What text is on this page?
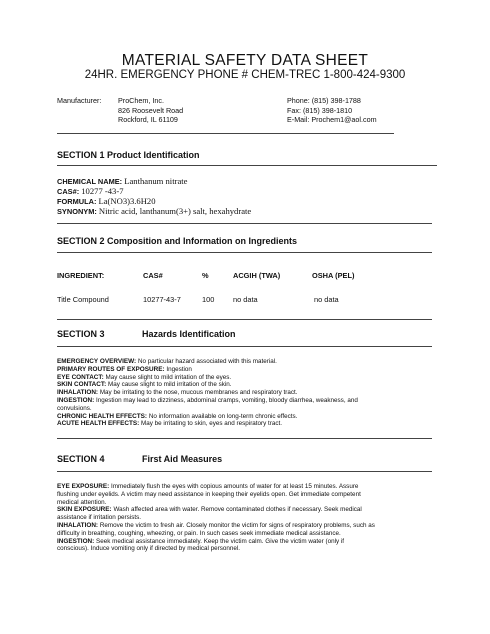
MATERIAL SAFETY DATA SHEET
24HR. EMERGENCY PHONE # CHEM-TREC 1-800-424-9300
Manufacturer: ProChem, Inc.
826 Roosevelt Road
Rockford, IL 61109
Phone: (815) 398-1788
Fax: (815) 398-1810
E-Mail: Prochem1@aol.com
SECTION 1 Product Identification
CHEMICAL NAME: Lanthanum nitrate
CAS#: 10277 -43-7
FORMULA: La(NO3)3.6H20
SYNONYM: Nitric acid, lanthanum(3+) salt, hexahydrate
SECTION 2 Composition and Information on Ingredients
INGREDIENT:	CAS#	%	ACGIH (TWA)	OSHA (PEL)
Title Compound	10277-43-7	100	no data	no data
SECTION 3	Hazards Identification
EMERGENCY OVERVIEW: No particular hazard associated with this material.
PRIMARY ROUTES OF EXPOSURE: Ingestion
EYE CONTACT: May cause slight to mild irritation of the eyes.
SKIN CONTACT: May cause slight to mild irritation of the skin.
INHALATION: May be irritating to the nose, mucous membranes and respiratory tract.
INGESTION: Ingestion may lead to dizziness, abdominal cramps, vomiting, bloody diarrhea, weakness, and
convulsions.
CHRONIC HEALTH EFFECTS: No information available on long-term chronic effects.
ACUTE HEALTH EFFECTS: May be irritating to skin, eyes and respiratory tract.
SECTION 4	First Aid Measures
EYE EXPOSURE: Immediately flush the eyes with copious amounts of water for at least 15 minutes. Assure
flushing under eyelids. A victim may need assistance in keeping their eyelids open. Get immediate competent
medical attention.
SKIN EXPOSURE: Wash affected area with water. Remove contaminated clothes if necessary. Seek medical
assistance if irritation persists.
INHALATION: Remove the victim to fresh air. Closely monitor the victim for signs of respiratory problems, such as
difficulty in breathing, coughing, wheezing, or pain. In such cases seek immediate medical assistance.
INGESTION: Seek medical assistance immediately. Keep the victim calm. Give the victim water (only if
conscious). Induce vomiting only if directed by medical personnel.
